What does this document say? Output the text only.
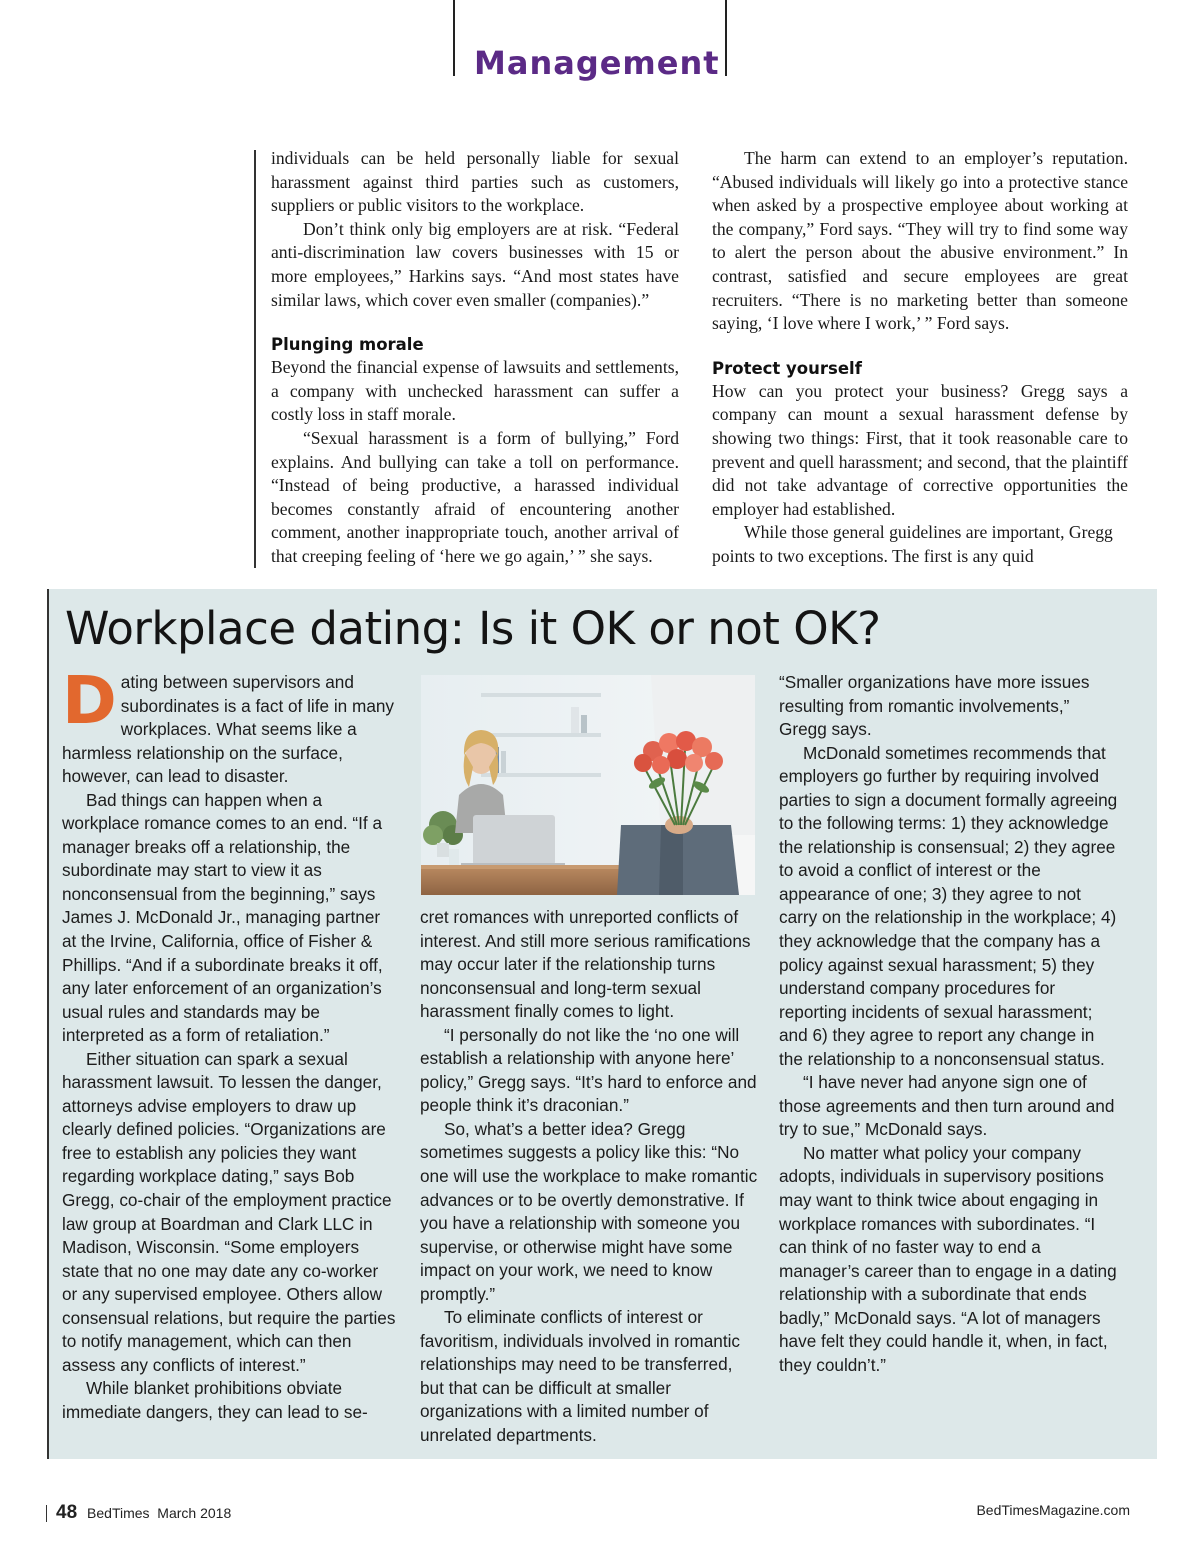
Management

individuals can be held personally liable for sexual harassment against third parties such as customers, suppliers or public visitors to the workplace.

Don’t think only big employers are at risk. “Federal anti-discrimination law covers businesses with 15 or more employees,” Harkins says. “And most states have similar laws, which cover even smaller (companies).”

Plunging morale

Beyond the financial expense of lawsuits and settlements, a company with unchecked harassment can suffer a costly loss in staff morale.

“Sexual harassment is a form of bullying,” Ford explains. And bullying can take a toll on performance. “Instead of being productive, a harassed individual becomes constantly afraid of encountering another comment, another inappropriate touch, another arrival of that creeping feeling of ‘here we go again,’ ” she says.

The harm can extend to an employer’s reputation. “Abused individuals will likely go into a protective stance when asked by a prospective employee about working at the company,” Ford says. “They will try to find some way to alert the person about the abusive environment.” In contrast, satisfied and secure employees are great recruiters. “There is no marketing better than someone saying, ‘I love where I work,’ ” Ford says.

Protect yourself

How can you protect your business? Gregg says a company can mount a sexual harassment defense by showing two things: First, that it took reasonable care to prevent and quell harassment; and second, that the plaintiff did not take advantage of corrective opportunities the employer had established.

While those general guidelines are important, Gregg points to two exceptions. The first is any quid

Workplace dating: Is it OK or not OK?

Dating between supervisors and subordinates is a fact of life in many workplaces. What seems like a harmless relationship on the surface, however, can lead to disaster.

Bad things can happen when a workplace romance comes to an end. “If a manager breaks off a relationship, the subordinate may start to view it as nonconsensual from the beginning,” says James J. McDonald Jr., managing partner at the Irvine, California, office of Fisher & Phillips. “And if a subordinate breaks it off, any later enforcement of an organization’s usual rules and standards may be interpreted as a form of retaliation.”

Either situation can spark a sexual harassment lawsuit. To lessen the danger, attorneys advise employers to draw up clearly defined policies. “Organizations are free to establish any policies they want regarding workplace dating,” says Bob Gregg, co-chair of the employment practice law group at Boardman and Clark LLC in Madison, Wisconsin. “Some employers state that no one may date any co-worker or any supervised employee. Others allow consensual relations, but require the parties to notify management, which can then assess any conflicts of interest.”

While blanket prohibitions obviate immediate dangers, they can lead to se-

cret romances with unreported conflicts of interest. And still more serious ramifications may occur later if the relationship turns nonconsensual and long-term sexual harassment finally comes to light.

“I personally do not like the ‘no one will establish a relationship with anyone here’ policy,” Gregg says. “It’s hard to enforce and people think it’s draconian.”

So, what’s a better idea? Gregg sometimes suggests a policy like this: “No one will use the workplace to make romantic advances or to be overtly demonstrative. If you have a relationship with someone you supervise, or otherwise might have some impact on your work, we need to know promptly.”

To eliminate conflicts of interest or favoritism, individuals involved in romantic relationships may need to be transferred, but that can be difficult at smaller organizations with a limited number of unrelated departments.

“Smaller organizations have more issues resulting from romantic involvements,” Gregg says.

McDonald sometimes recommends that employers go further by requiring involved parties to sign a document formally agreeing to the following terms: 1) they acknowledge the relationship is consensual; 2) they agree to avoid a conflict of interest or the appearance of one; 3) they agree to not carry on the relationship in the workplace; 4) they acknowledge that the company has a policy against sexual harassment; 5) they understand company procedures for reporting incidents of sexual harassment; and 6) they agree to report any change in the relationship to a nonconsensual status.

“I have never had anyone sign one of those agreements and then turn around and try to sue,” McDonald says.

No matter what policy your company adopts, individuals in supervisory positions may want to think twice about engaging in workplace romances with subordinates. “I can think of no faster way to end a manager’s career than to engage in a dating relationship with a subordinate that ends badly,” McDonald says. “A lot of managers have felt they could handle it, when, in fact, they couldn’t.”

48 BedTimes  March 2018	BedTimesMagazine.com
